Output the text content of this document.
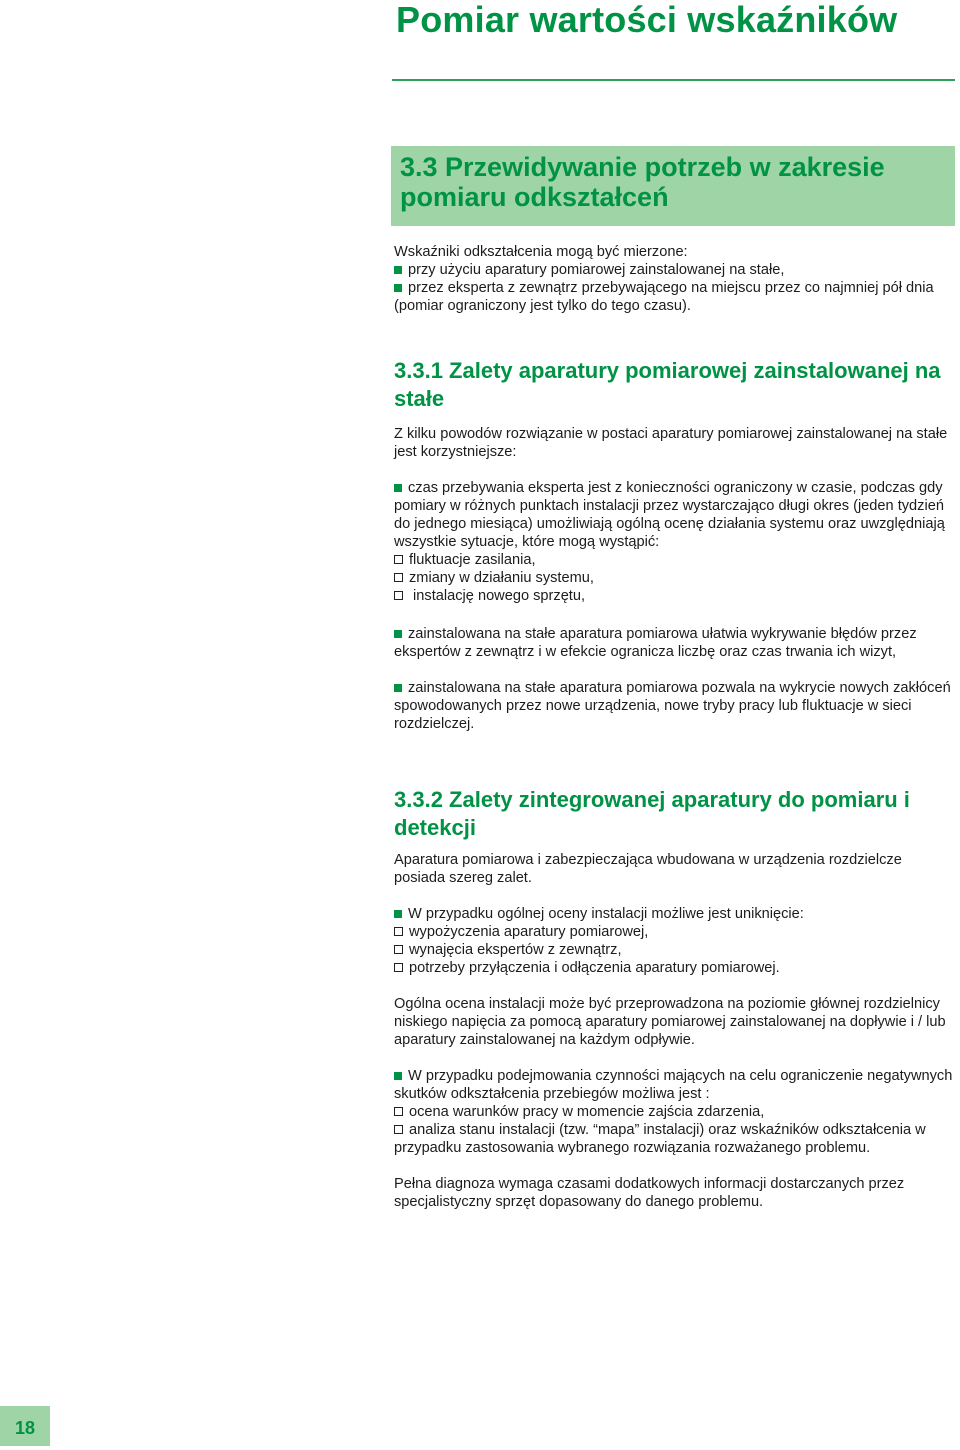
Pomiar wartości wskaźników
3.3 Przewidywanie potrzeb w zakresie pomiaru odkształceń

Wskaźniki odkształcenia mogą być mierzone:

przy użyciu aparatury pomiarowej zainstalowanej na stałe,

przez eksperta z zewnątrz przebywającego na miejscu przez co najmniej pół dnia (pomiar ograniczony jest tylko do tego czasu).

3.3.1 Zalety aparatury pomiarowej zainstalowanej na stałe

Z kilku powodów rozwiązanie w postaci aparatury pomiarowej zainstalowanej na stałe jest korzystniejsze:

czas przebywania eksperta jest z konieczności ograniczony w czasie, podczas gdy pomiary w różnych punktach instalacji przez wystarczająco długi okres (jeden tydzień do jednego miesiąca) umożliwiają ogólną ocenę działania systemu oraz uwzględniają wszystkie sytuacje, które mogą wystąpić:

fluktuacje zasilania,

zmiany w działaniu systemu,

instalację nowego sprzętu,

zainstalowana na stałe aparatura pomiarowa ułatwia wykrywanie błędów przez ekspertów z zewnątrz i w efekcie ogranicza liczbę oraz czas trwania ich wizyt,

zainstalowana na stałe aparatura pomiarowa pozwala na wykrycie nowych zakłóceń spowodowanych przez nowe urządzenia, nowe tryby pracy lub fluktuacje w sieci rozdzielczej.

3.3.2 Zalety zintegrowanej aparatury do pomiaru i detekcji

Aparatura pomiarowa i zabezpieczająca wbudowana w urządzenia rozdzielcze posiada szereg zalet.

W przypadku ogólnej oceny instalacji możliwe jest uniknięcie:

wypożyczenia aparatury pomiarowej,

wynajęcia ekspertów z zewnątrz,

potrzeby przyłączenia i odłączenia aparatury pomiarowej.

Ogólna ocena instalacji może być przeprowadzona na poziomie głównej rozdzielnicy niskiego napięcia za pomocą aparatury pomiarowej zainstalowanej na dopływie i / lub aparatury zainstalowanej na każdym odpływie.

W przypadku podejmowania czynności mających na celu ograniczenie negatywnych skutków odkształcenia przebiegów możliwa jest :

ocena warunków pracy w momencie zajścia zdarzenia,

analiza stanu instalacji (tzw. “mapa” instalacji) oraz wskaźników odkształcenia w przypadku zastosowania wybranego rozwiązania rozważanego problemu.

Pełna diagnoza wymaga czasami dodatkowych informacji dostarczanych przez specjalistyczny sprzęt dopasowany do danego problemu.

18
